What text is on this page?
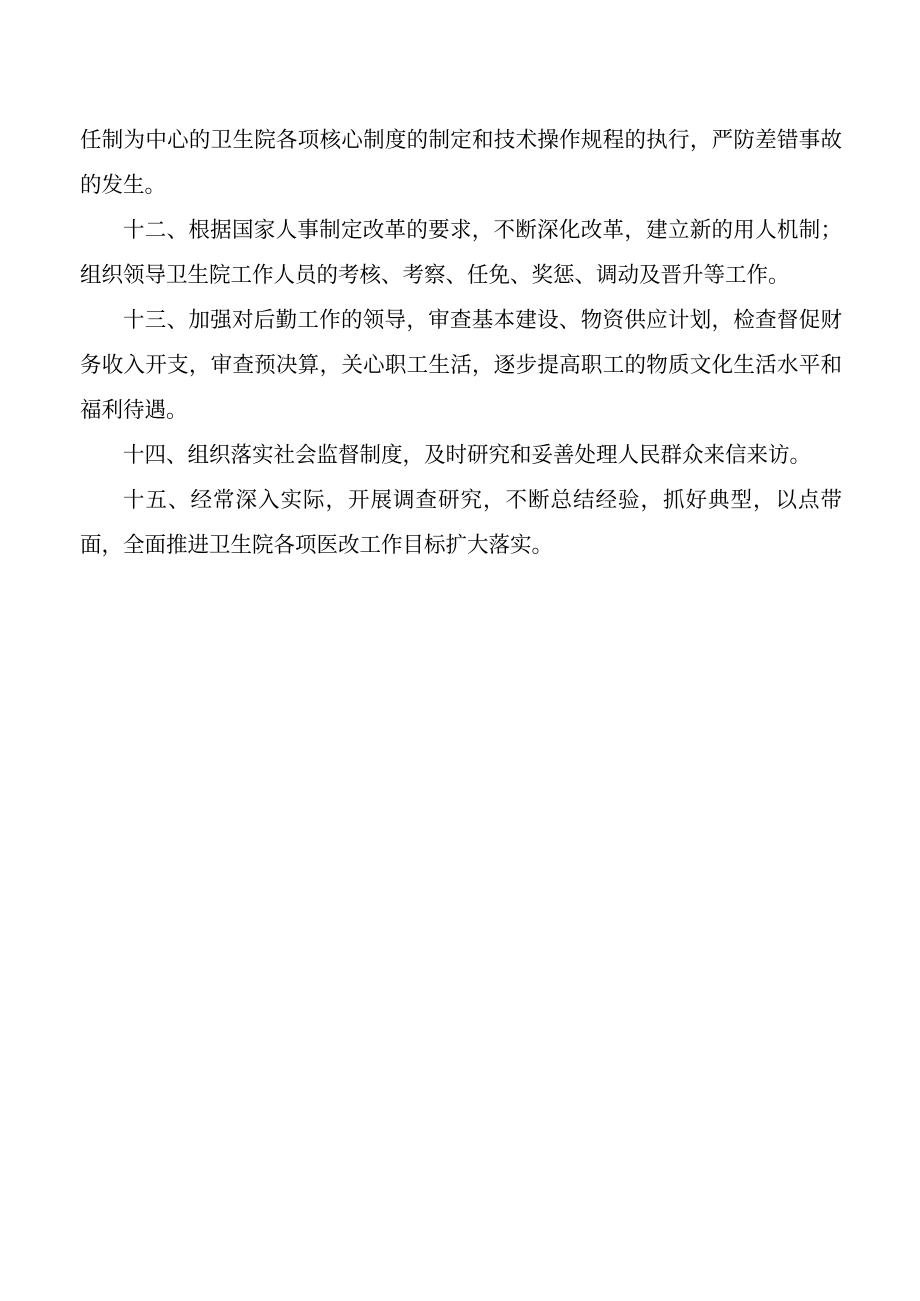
任制为中心的卫生院各项核心制度的制定和技术操作规程的执行，严防差错事故的发生。

十二、根据国家人事制定改革的要求，不断深化改革，建立新的用人机制；组织领导卫生院工作人员的考核、考察、任免、奖惩、调动及晋升等工作。

十三、加强对后勤工作的领导，审查基本建设、物资供应计划，检查督促财务收入开支，审查预决算，关心职工生活，逐步提高职工的物质文化生活水平和福利待遇。

十四、组织落实社会监督制度，及时研究和妥善处理人民群众来信来访。

十五、经常深入实际，开展调查研究，不断总结经验，抓好典型，以点带面，全面推进卫生院各项医改工作目标扩大落实。
